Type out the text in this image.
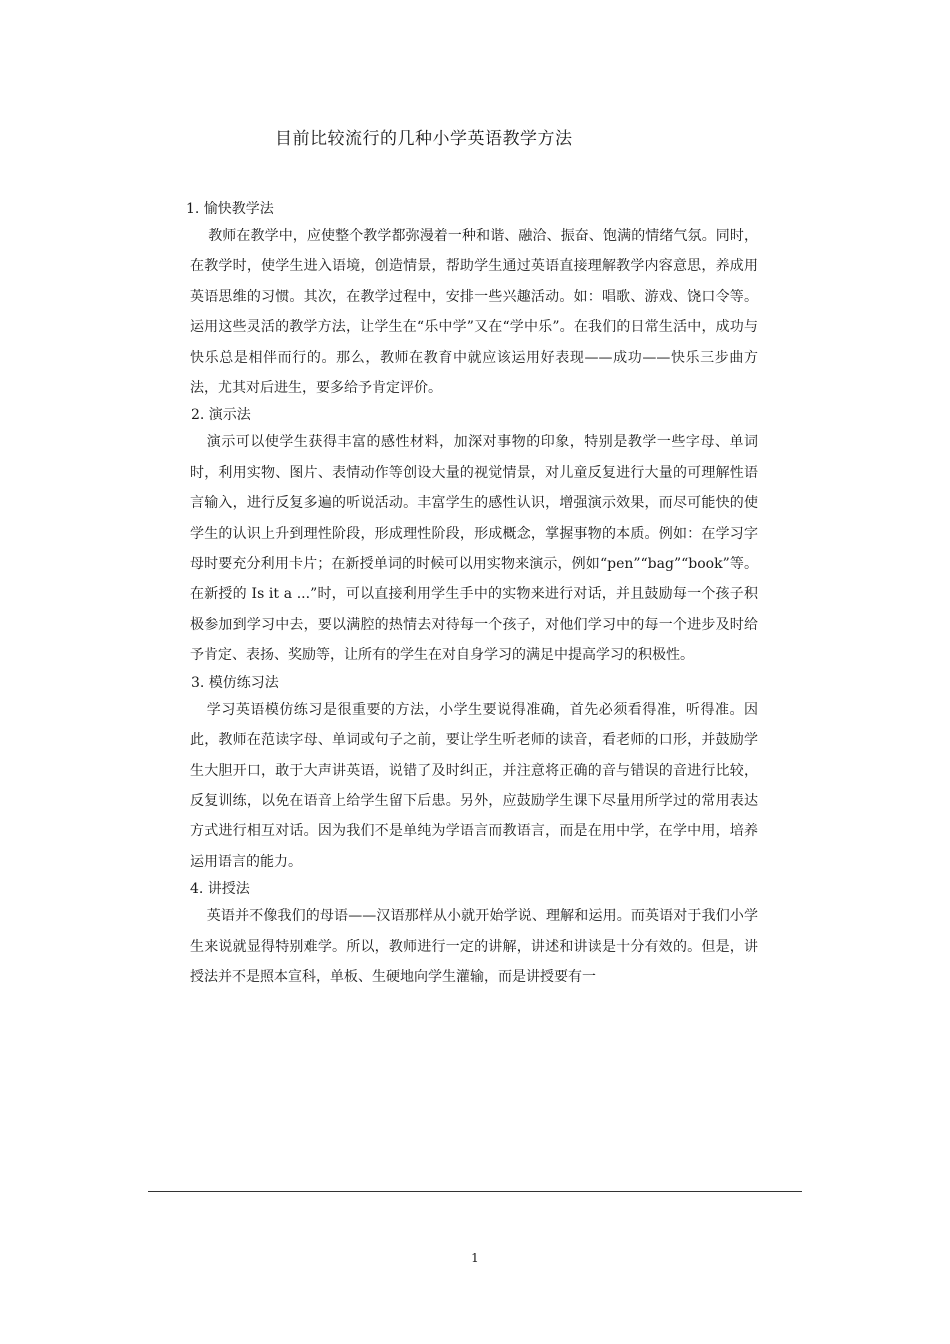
目前比较流行的几种小学英语教学方法
1. 愉快教学法

教师在教学中，应使整个教学都弥漫着一种和谐、融洽、振奋、饱满的情绪气氛。同时，在教学时，使学生进入语境，创造情景，帮助学生通过英语直接理解教学内容意思，养成用英语思维的习惯。其次，在教学过程中，安排一些兴趣活动。如：唱歌、游戏、饶口令等。运用这些灵活的教学方法，让学生在“乐中学”又在“学中乐”。在我们的日常生活中，成功与快乐总是相伴而行的。那么，教师在教育中就应该运用好表现——成功——快乐三步曲方法，尤其对后进生，要多给予肯定评价。

2. 演示法

演示可以使学生获得丰富的感性材料，加深对事物的印象，特别是教学一些字母、单词时，利用实物、图片、表情动作等创设大量的视觉情景，对儿童反复进行大量的可理解性语言输入，进行反复多遍的听说活动。丰富学生的感性认识，增强演示效果，而尽可能快的使学生的认识上升到理性阶段，形成理性阶段，形成概念，掌握事物的本质。例如：在学习字母时要充分利用卡片；在新授单词的时候可以用实物来演示，例如“pen”“bag”“book”等。在新授的 Is it a ...”时，可以直接利用学生手中的实物来进行对话，并且鼓励每一个孩子积极参加到学习中去，要以满腔的热情去对待每一个孩子，对他们学习中的每一个进步及时给予肯定、表扬、奖励等，让所有的学生在对自身学习的满足中提高学习的积极性。

3. 模仿练习法

学习英语模仿练习是很重要的方法，小学生要说得准确，首先必须看得准，听得准。因此，教师在范读字母、单词或句子之前，要让学生听老师的读音，看老师的口形，并鼓励学生大胆开口，敢于大声讲英语，说错了及时纠正，并注意将正确的音与错误的音进行比较，反复训练，以免在语音上给学生留下后患。另外，应鼓励学生课下尽量用所学过的常用表达方式进行相互对话。因为我们不是单纯为学语言而教语言，而是在用中学，在学中用，培养运用语言的能力。

4. 讲授法

英语并不像我们的母语——汉语那样从小就开始学说、理解和运用。而英语对于我们小学生来说就显得特别难学。所以，教师进行一定的讲解，讲述和讲读是十分有效的。但是，讲授法并不是照本宣科，单板、生硬地向学生灌输，而是讲授要有一

1
